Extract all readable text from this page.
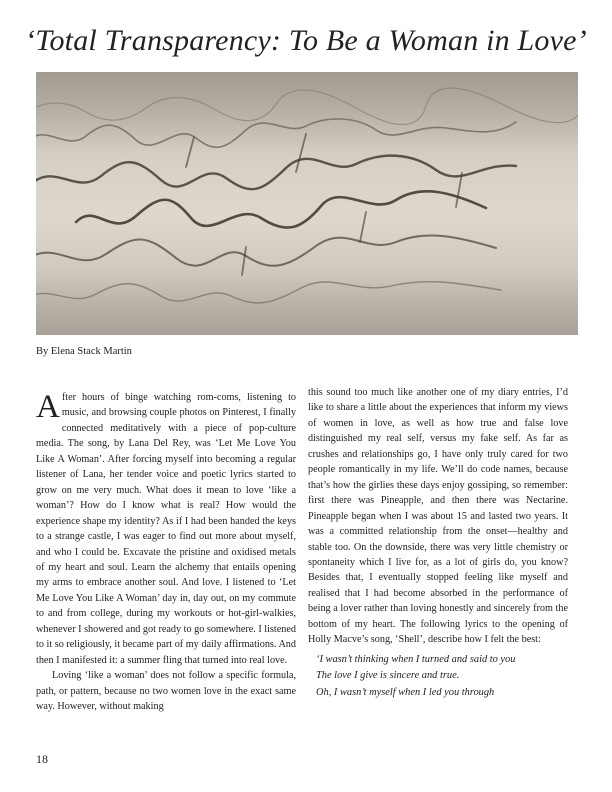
‘Total Transparency: To Be a Woman in Love’
By Elena Stack Martin

After hours of binge watching rom-coms, listening to music, and browsing couple photos on Pinterest, I finally connected meditatively with a piece of pop-culture media. The song, by Lana Del Rey, was ‘Let Me Love You Like A Woman’. After forcing myself into becoming a regular listener of Lana, her tender voice and poetic lyrics started to grow on me very much. What does it mean to love ‘like a woman’? How do I know what is real? How would the experience shape my identity? As if I had been handed the keys to a strange castle, I was eager to find out more about myself, and who I could be. Excavate the pristine and oxidised metals of my heart and soul. Learn the alchemy that entails opening my arms to embrace another soul. And love. I listened to ‘Let Me Love You Like A Woman’ day in, day out, on my commute to and from college, during my workouts or hot-girl-walkies, whenever I showered and got ready to go somewhere. I listened to it so religiously, it became part of my daily affirmations. And then I manifested it: a summer fling that turned into real love.

Loving ‘like a woman’ does not follow a specific formula, path, or pattern, because no two women love in the exact same way. However, without making

this sound too much like another one of my diary entries, I’d like to share a little about the experiences that inform my views of women in love, as well as how true and false love distinguished my real self, versus my fake self. As far as crushes and relationships go, I have only truly cared for two people romantically in my life. We’ll do code names, because that’s how the girlies these days enjoy gossiping, so remember: first there was Pineapple, and then there was Nectarine. Pineapple began when I was about 15 and lasted two years. It was a committed relationship from the onset—healthy and stable too. On the downside, there was very little chemistry or spontaneity which I live for, as a lot of girls do, you know? Besides that, I eventually stopped feeling like myself and realised that I had become absorbed in the performance of being a lover rather than loving honestly and sincerely from the bottom of my heart. The following lyrics to the opening of Holly Macve’s song, ‘Shell’, describe how I felt the best:

‘I wasn’t thinking when I turned and said to you
The love I give is sincere and true.
Oh, I wasn’t myself when I led you through

18
